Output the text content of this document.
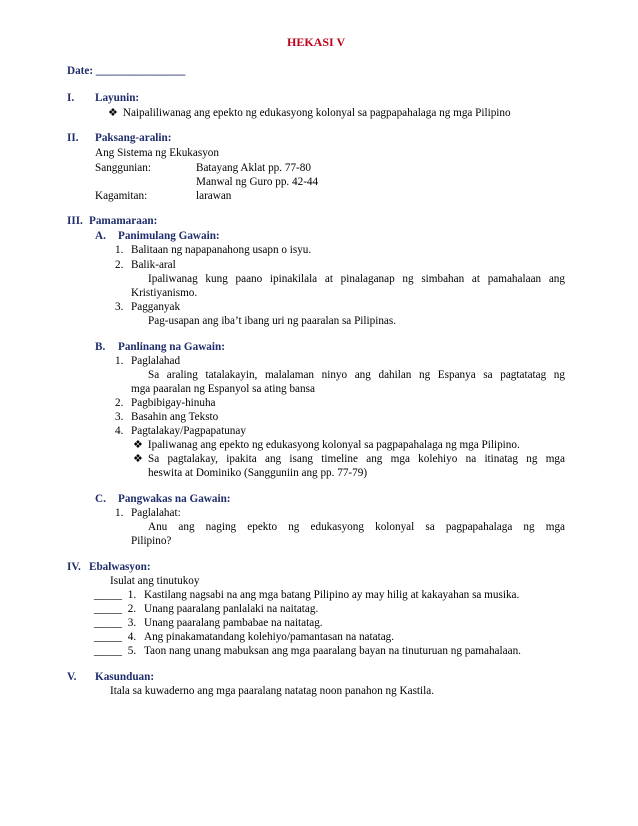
HEKASI V
Date: ________________
I. Layunin:
❖ Naipaliliwanag ang epekto ng edukasyong kolonyal sa pagpapahalaga ng mga Pilipino
II. Paksang-aralin:
Ang Sistema ng Ekukasyon
Sanggunian:	Batayang Aklat pp. 77-80
Manwal ng Guro pp. 42-44
Kagamitan:	larawan
III. Pamamaraan:
A. Panimulang Gawain:
1. Balitaan ng napapanahong usapn o isyu.
2. Balik-aral
Ipaliwanag kung paano ipinakilala at pinalaganap ng simbahan at pamahalaan ang
Kristiyanismo.
3. Pagganyak
Pag-usapan ang iba’t ibang uri ng paaralan sa Pilipinas.
B. Panlinang na Gawain:
1. Paglalahad
Sa araling tatalakayin, malalaman ninyo ang dahilan ng Espanya sa pagtatatag ng
mga paaralan ng Espanyol sa ating bansa
2. Pagbibigay-hinuha
3. Basahin ang Teksto
4. Pagtalakay/Pagpapatunay
❖ Ipaliwanag ang epekto ng edukasyong kolonyal sa pagpapahalaga ng mga Pilipino.
❖ Sa pagtalakay, ipakita ang isang timeline ang mga kolehiyo na itinatag ng mga
heswita at Dominiko (Sangguniin ang pp. 77-79)
C. Pangwakas na Gawain:
1. Paglalahat:
Anu ang naging epekto ng edukasyong kolonyal sa pagpapahalaga ng mga
Pilipino?
IV. Ebalwasyon:
Isulat ang tinutukoy
_____ 1. Kastilang nagsabi na ang mga batang Pilipino ay may hilig at kakayahan sa musika.
_____ 2. Unang paaralang panlalaki na naitatag.
_____ 3. Unang paaralang pambabae na naitatag.
_____ 4. Ang pinakamatandang kolehiyo/pamantasan na natatag.
_____ 5. Taon nang unang mabuksan ang mga paaralang bayan na tinuturuan ng pamahalaan.
V. Kasunduan:
Itala sa kuwaderno ang mga paaralang natatag noon panahon ng Kastila.
